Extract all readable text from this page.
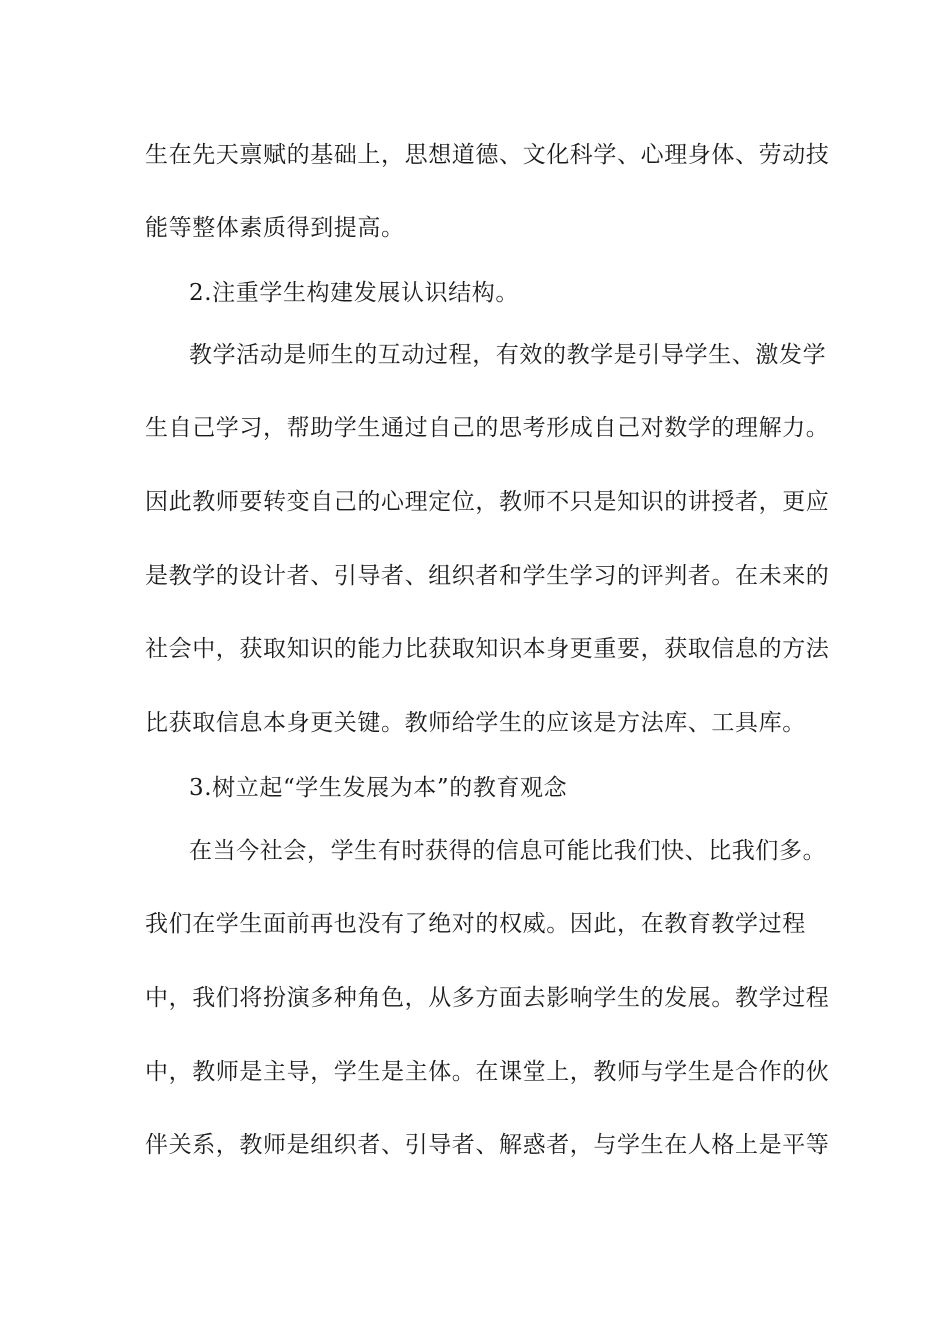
生在先天禀赋的基础上，思想道德、文化科学、心理身体、劳动技
能等整体素质得到提高。
2.注重学生构建发展认识结构。
教学活动是师生的互动过程，有效的教学是引导学生、激发学
生自己学习，帮助学生通过自己的思考形成自己对数学的理解力。
因此教师要转变自己的心理定位，教师不只是知识的讲授者，更应
是教学的设计者、引导者、组织者和学生学习的评判者。在未来的
社会中，获取知识的能力比获取知识本身更重要，获取信息的方法
比获取信息本身更关键。教师给学生的应该是方法库、工具库。
3.树立起“学生发展为本”的教育观念
在当今社会，学生有时获得的信息可能比我们快、比我们多。
我们在学生面前再也没有了绝对的权威。因此，在教育教学过程
中，我们将扮演多种角色，从多方面去影响学生的发展。教学过程
中，教师是主导，学生是主体。在课堂上，教师与学生是合作的伙
伴关系，教师是组织者、引导者、解惑者，与学生在人格上是平等
